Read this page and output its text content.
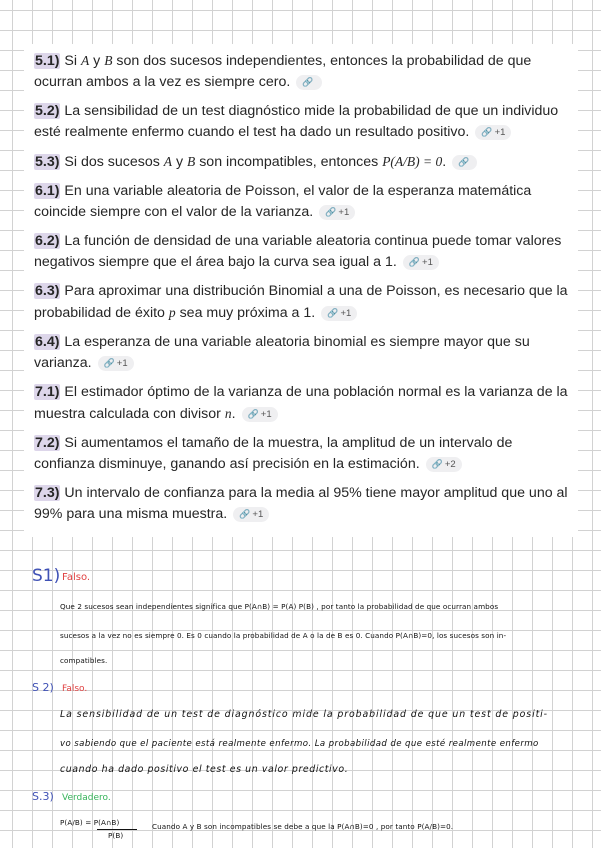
5.1) Si A y B son dos sucesos independientes, entonces la probabilidad de que ocurran ambos a la vez es siempre cero. 🔗
5.2) La sensibilidad de un test diagnóstico mide la probabilidad de que un individuo esté realmente enfermo cuando el test ha dado un resultado positivo. 🔗 +1
5.3) Si dos sucesos A y B son incompatibles, entonces P(A/B) = 0. 🔗
6.1) En una variable aleatoria de Poisson, el valor de la esperanza matemática coincide siempre con el valor de la varianza. 🔗 +1
6.2) La función de densidad de una variable aleatoria continua puede tomar valores negativos siempre que el área bajo la curva sea igual a 1. 🔗 +1
6.3) Para aproximar una distribución Binomial a una de Poisson, es necesario que la probabilidad de éxito p sea muy próxima a 1. 🔗 +1
6.4) La esperanza de una variable aleatoria binomial es siempre mayor que su varianza. 🔗 +1
7.1) El estimador óptimo de la varianza de una población normal es la varianza de la muestra calculada con divisor n. 🔗 +1
7.2) Si aumentamos el tamaño de la muestra, la amplitud de un intervalo de confianza disminuye, ganando así precisión en la estimación. 🔗 +2
7.3) Un intervalo de confianza para la media al 95% tiene mayor amplitud que uno al 99% para una misma muestra. 🔗 +1
S1) Falso.
Que 2 sucesos sean independientes significa que P(A∩B) = P(A) P(B) , por tanto la probabilidad de que ocurran ambos
sucesos a la vez no es siempre 0. Es 0 cuando la probabilidad de A o la de B es 0. Cuando P(A∩B)=0, los sucesos son in-
compatibles.
S 2) Falso.
La sensibilidad de un test de diagnóstico mide la probabilidad de que un test de positi-
vo sabiendo que el paciente está realmente enfermo. La probabilidad de que esté realmente enfermo
cuando ha dado positivo el test es un valor predictivo.
S.3) Verdadero.
P(A/B) = P(A∩B)
P(B)
Cuando A y B son incompatibles se debe a que la P(A∩B)=0 , por tanto P(A/B)=0.
